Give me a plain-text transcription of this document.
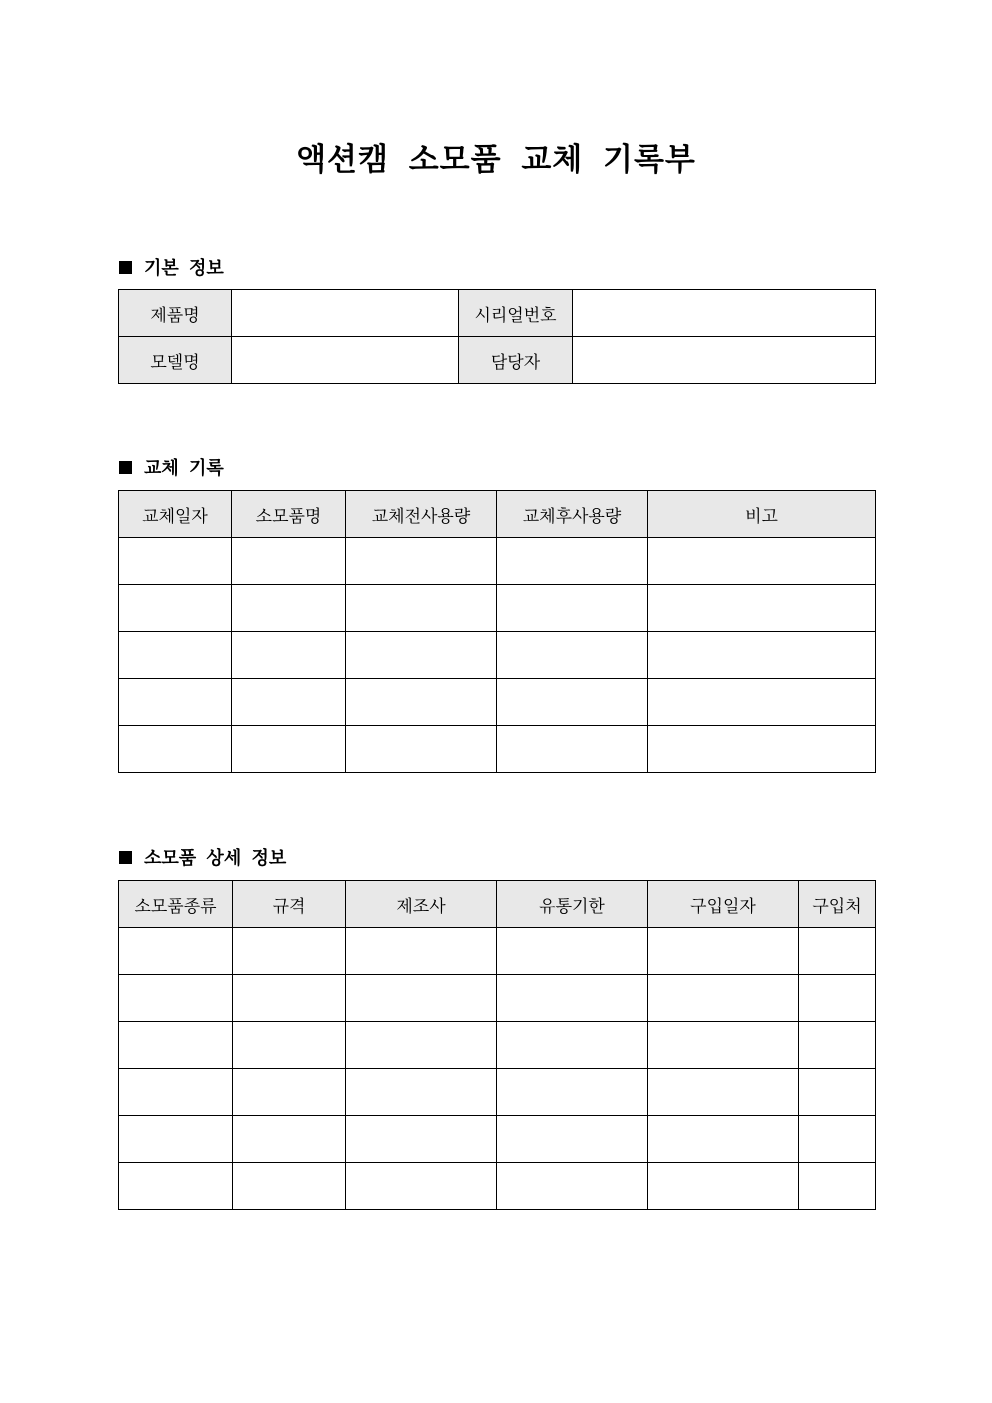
액션캠 소모품 교체 기록부
기본 정보
제품명		시리얼번호	
모델명		담당자	
교체 기록
교체일자	소모품명	교체전사용량	교체후사용량	비고

소모품 상세 정보
소모품종류	규격	제조사	유통기한	구입일자	구입처
